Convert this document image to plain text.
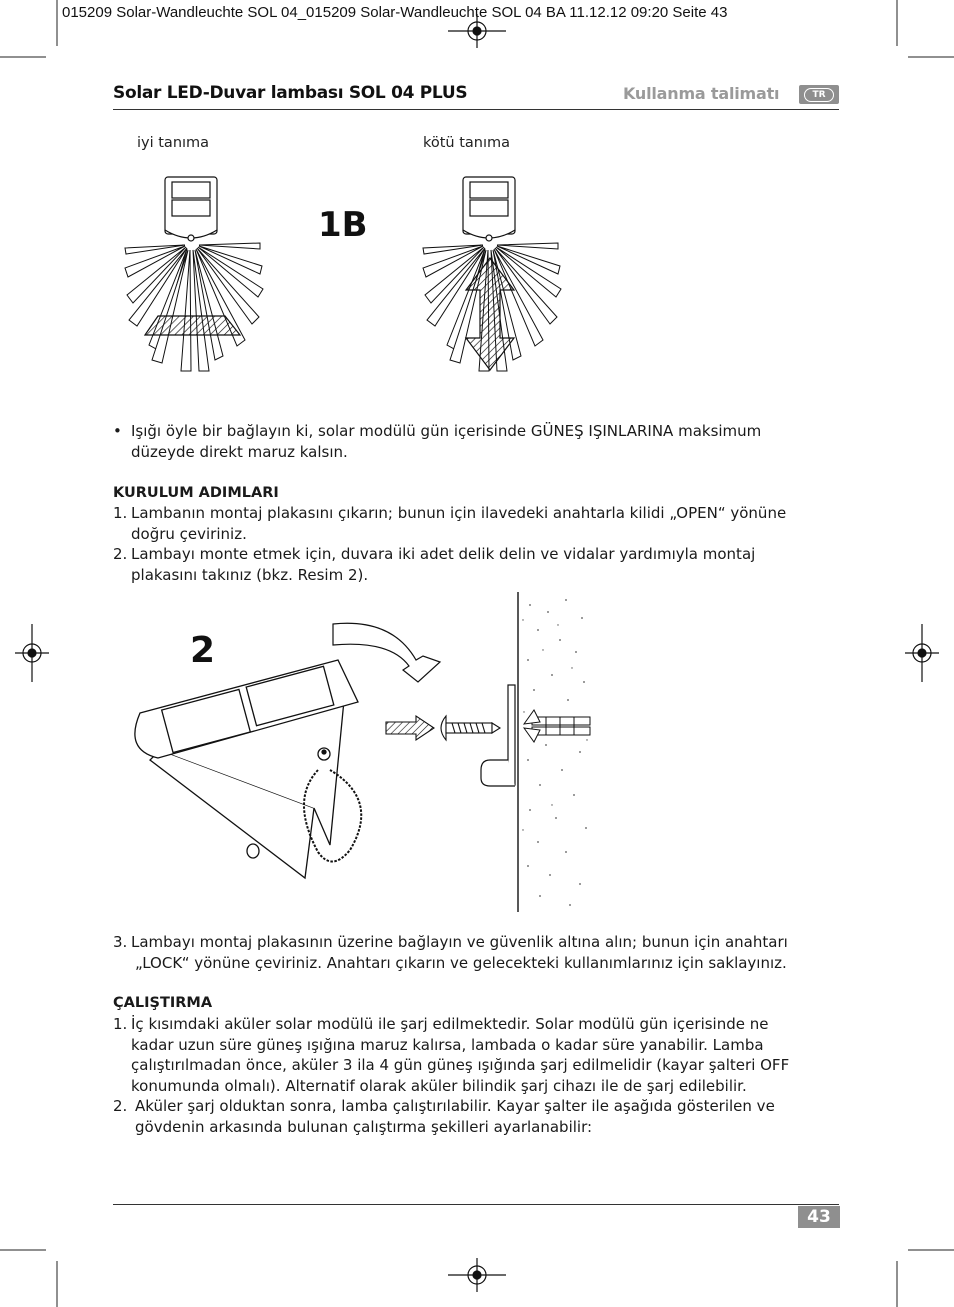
015209 Solar-Wandleuchte SOL 04_015209 Solar-Wandleuchte SOL 04 BA 11.12.12 09:20 Seite 43
Solar LED-Duvar lambası SOL 04 PLUS	Kullanma talimatı	TR
iyi tanıma	kötü tanıma
1B
• Işığı öyle bir bağlayın ki, solar modülü gün içerisinde GÜNEŞ IŞINLARINA maksimum
düzeyde direkt maruz kalsın.
KURULUM ADIMLARI
1. Lambanın montaj plakasını çıkarın; bunun için ilavedeki anahtarla kilidi „OPEN“ yönüne
doğru çeviriniz.
2. Lambayı monte etmek için, duvara iki adet delik delin ve vidalar yardımıyla montaj
plakasını takınız (bkz. Resim 2).
2
3. Lambayı montaj plakasının üzerine bağlayın ve güvenlik altına alın; bunun için anahtarı
„LOCK“ yönüne çeviriniz. Anahtarı çıkarın ve gelecekteki kullanımlarınız için saklayınız.
ÇALIŞTIRMA
1. İç kısımdaki aküler solar modülü ile şarj edilmektedir. Solar modülü gün içerisinde ne
kadar uzun süre güneş ışığına maruz kalırsa, lambada o kadar süre yanabilir. Lamba
çalıştırılmadan önce, aküler 3 ila 4 gün güneş ışığında şarj edilmelidir (kayar şalteri OFF
konumunda olmalı). Alternatif olarak aküler bilindik şarj cihazı ile de şarj edilebilir.
2. Aküler şarj olduktan sonra, lamba çalıştırılabilir. Kayar şalter ile aşağıda gösterilen ve
gövdenin arkasında bulunan çalıştırma şekilleri ayarlanabilir:
43
